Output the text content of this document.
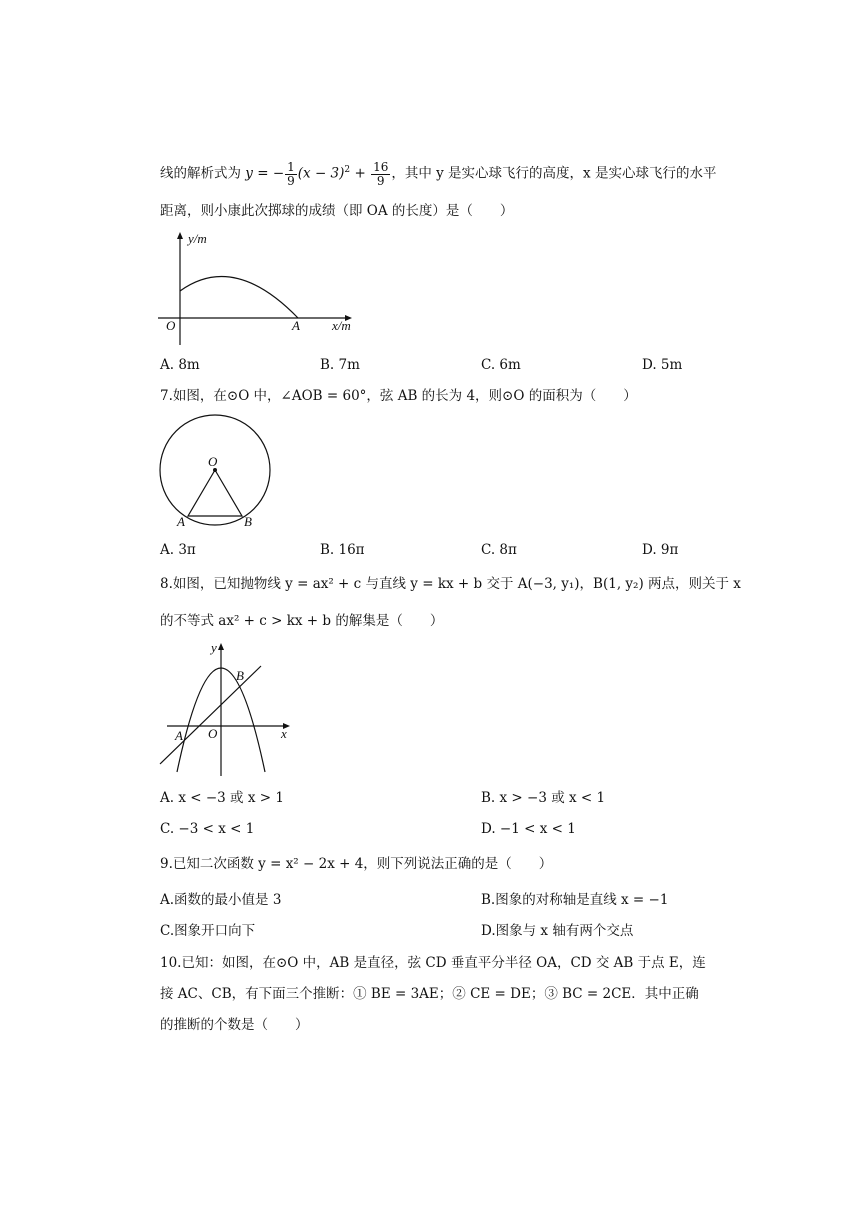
线的解析式为 y = − $\frac{1}{9} (x - 3)^2 + \frac{16}{9}$ ，其中 y 是实心球飞行的高度，x 是实心球飞行的水平
距离，则小康此次掷球的成绩（即 OA 的长度）是（　　）
y/m
x/m
O	A
A. 8m	B. 7m	C. 6m	D. 5m
7.如图，在⊙O 中，∠AOB = 60°，弦 AB 的长为 4，则⊙O 的面积为（　　）
O
A	B
A. 3π	B. 16π	C. 8π	D. 9π
8.如图，已知抛物线 y = ax² + c 与直线 y = kx + b 交于 A(−3, y₁)，B(1, y₂) 两点，则关于 x
的不等式 ax² + c > kx + b 的解集是（　　）
y
x
O
A
B
A. x < −3 或 x > 1	B. x > −3 或 x < 1
C. −3 < x < 1	D. −1 < x < 1
9.已知二次函数 y = x² − 2x + 4，则下列说法正确的是（　　）
A.函数的最小值是 3	B.图象的对称轴是直线 x = −1
C.图象开口向下	D.图象与 x 轴有两个交点
10.已知：如图，在⊙O 中，AB 是直径，弦 CD 垂直平分半径 OA，CD 交 AB 于点 E，连
接 AC、CB，有下面三个推断：① BE = 3AE；② CE = DE；③ BC = 2CE．其中正确
的推断的个数是（　　）
